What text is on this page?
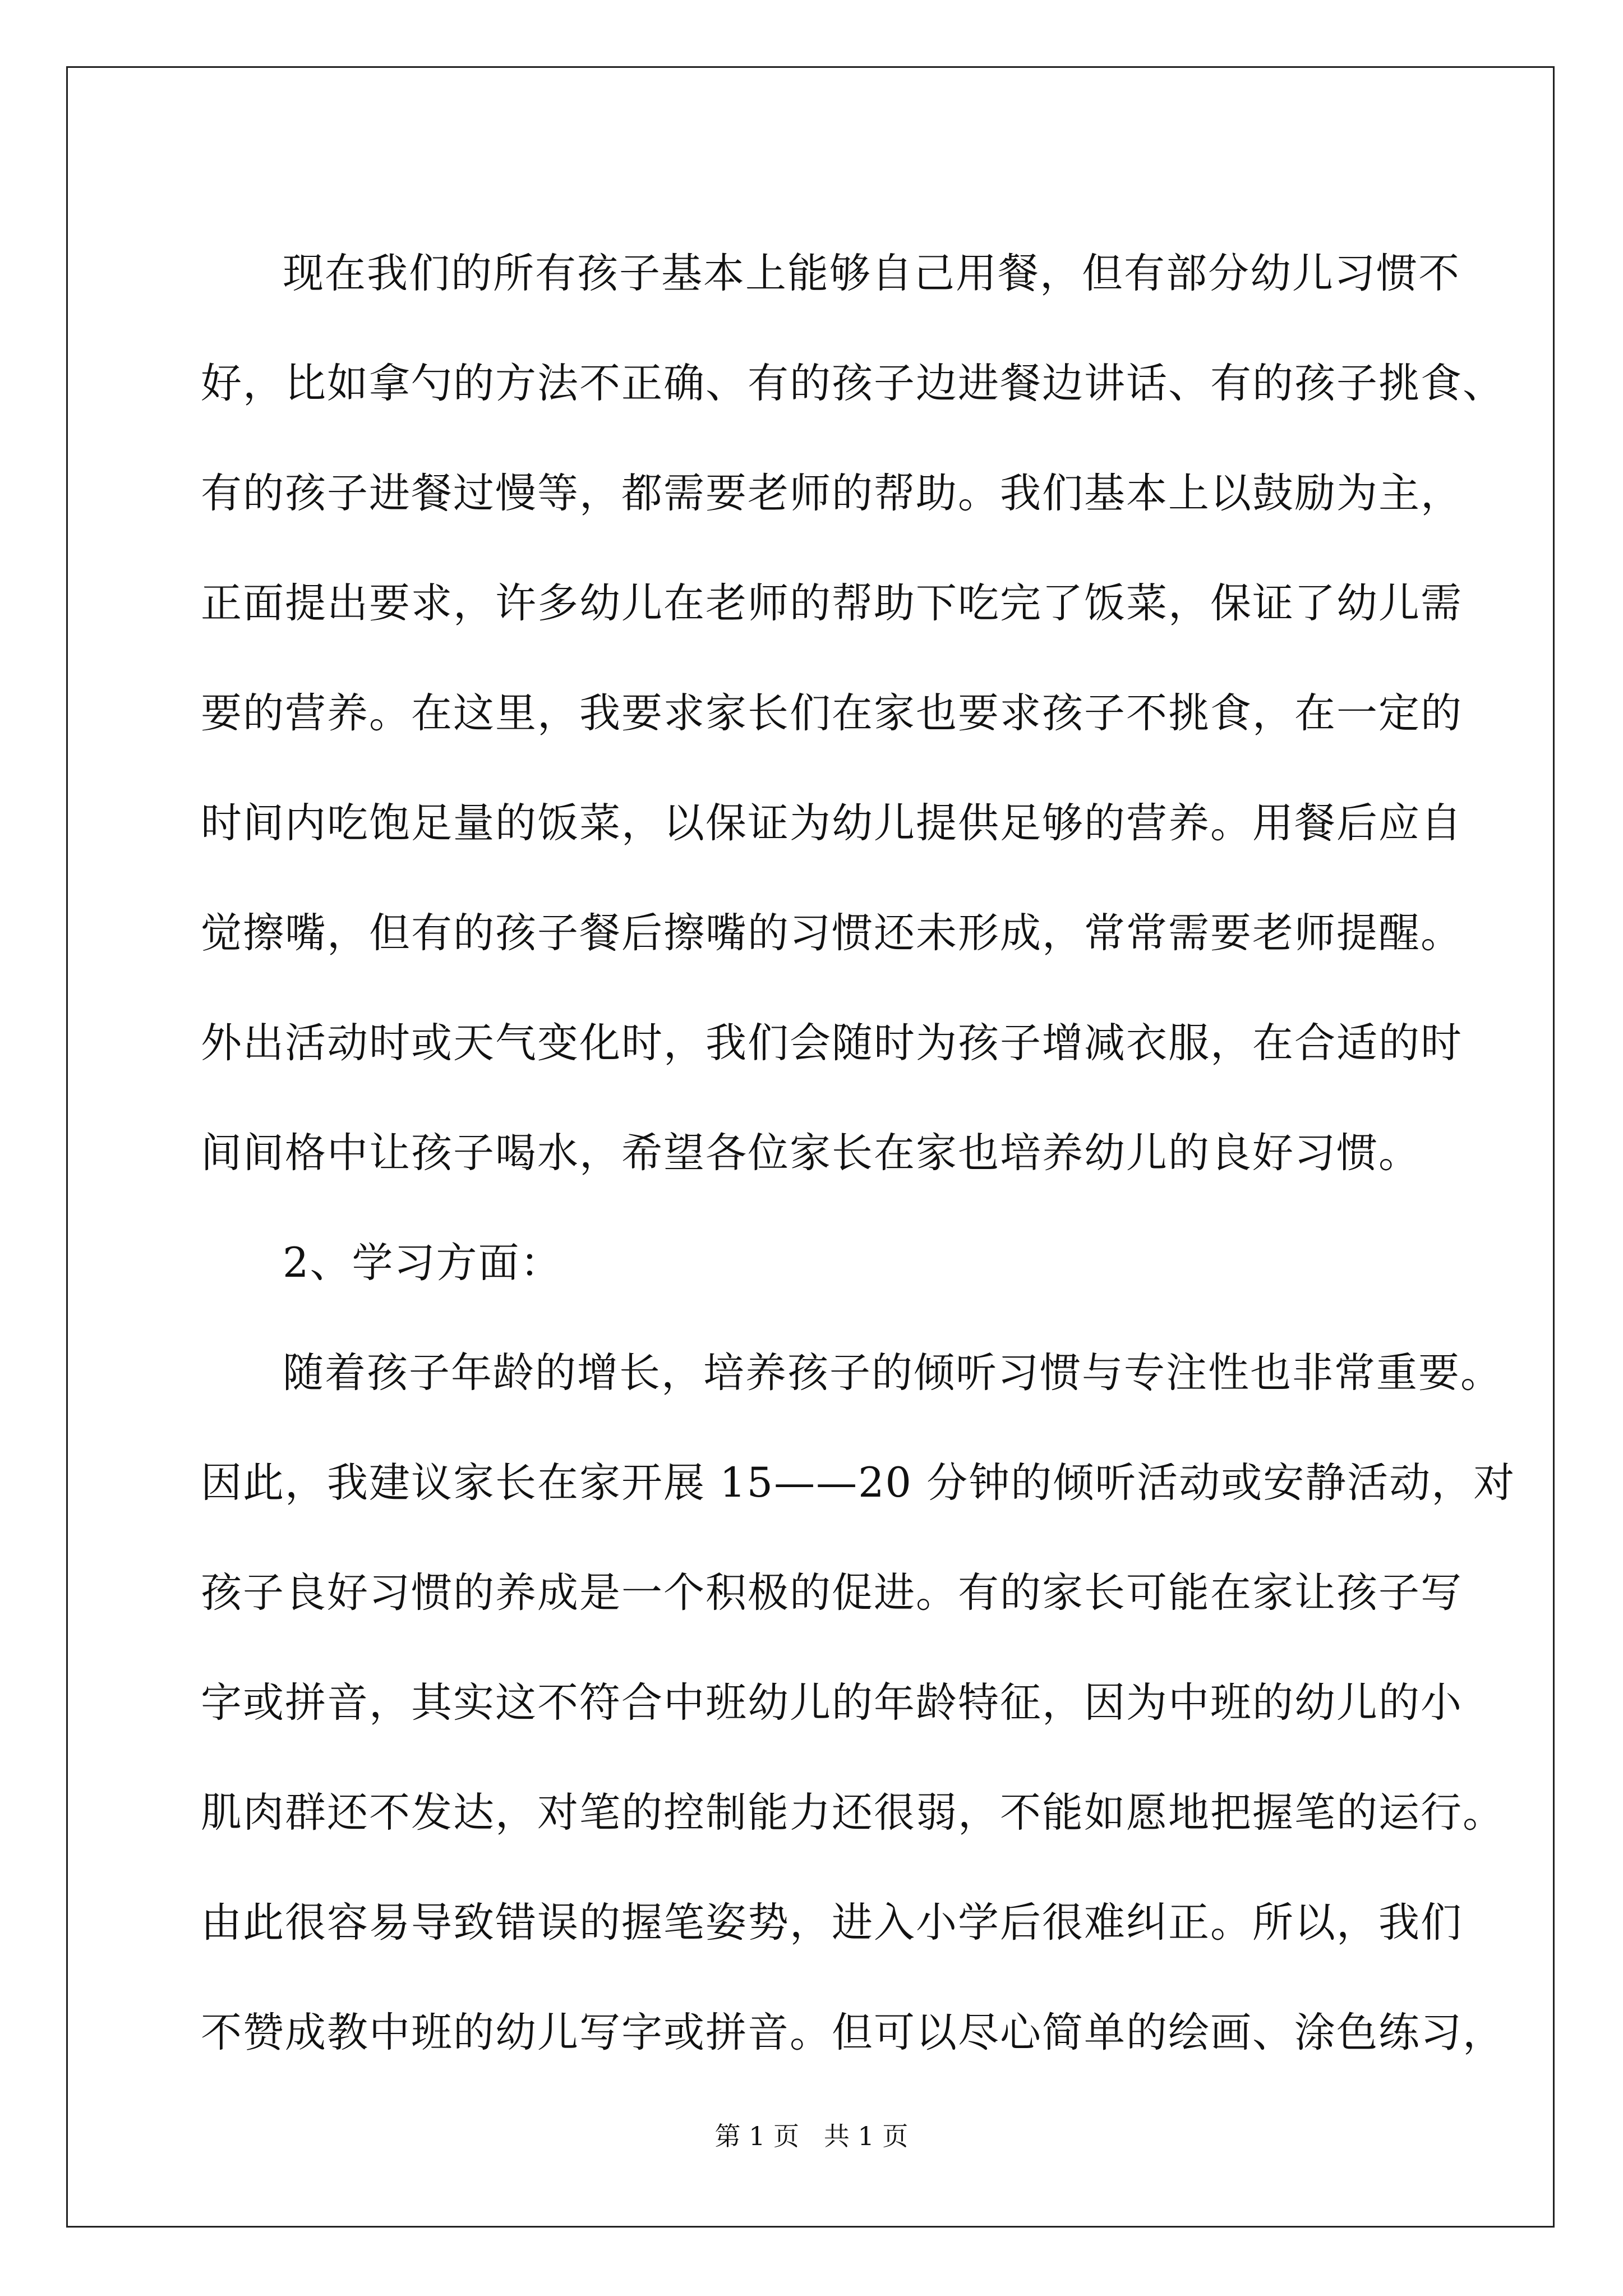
现在我们的所有孩子基本上能够自己用餐，但有部分幼儿习惯不
好，比如拿勺的方法不正确、有的孩子边进餐边讲话、有的孩子挑食、
有的孩子进餐过慢等，都需要老师的帮助。我们基本上以鼓励为主，
正面提出要求，许多幼儿在老师的帮助下吃完了饭菜，保证了幼儿需
要的营养。在这里，我要求家长们在家也要求孩子不挑食，在一定的
时间内吃饱足量的饭菜，以保证为幼儿提供足够的营养。用餐后应自
觉擦嘴，但有的孩子餐后擦嘴的习惯还未形成，常常需要老师提醒。
外出活动时或天气变化时，我们会随时为孩子增减衣服，在合适的时
间间格中让孩子喝水，希望各位家长在家也培养幼儿的良好习惯。

2、学习方面：

随着孩子年龄的增长，培养孩子的倾听习惯与专注性也非常重要。
因此，我建议家长在家开展 15——20 分钟的倾听活动或安静活动，对
孩子良好习惯的养成是一个积极的促进。有的家长可能在家让孩子写
字或拼音，其实这不符合中班幼儿的年龄特征，因为中班的幼儿的小
肌肉群还不发达，对笔的控制能力还很弱，不能如愿地把握笔的运行。
由此很容易导致错误的握笔姿势，进入小学后很难纠正。所以，我们
不赞成教中班的幼儿写字或拼音。但可以尽心简单的绘画、涂色练习，

第 1 页   共 1 页
